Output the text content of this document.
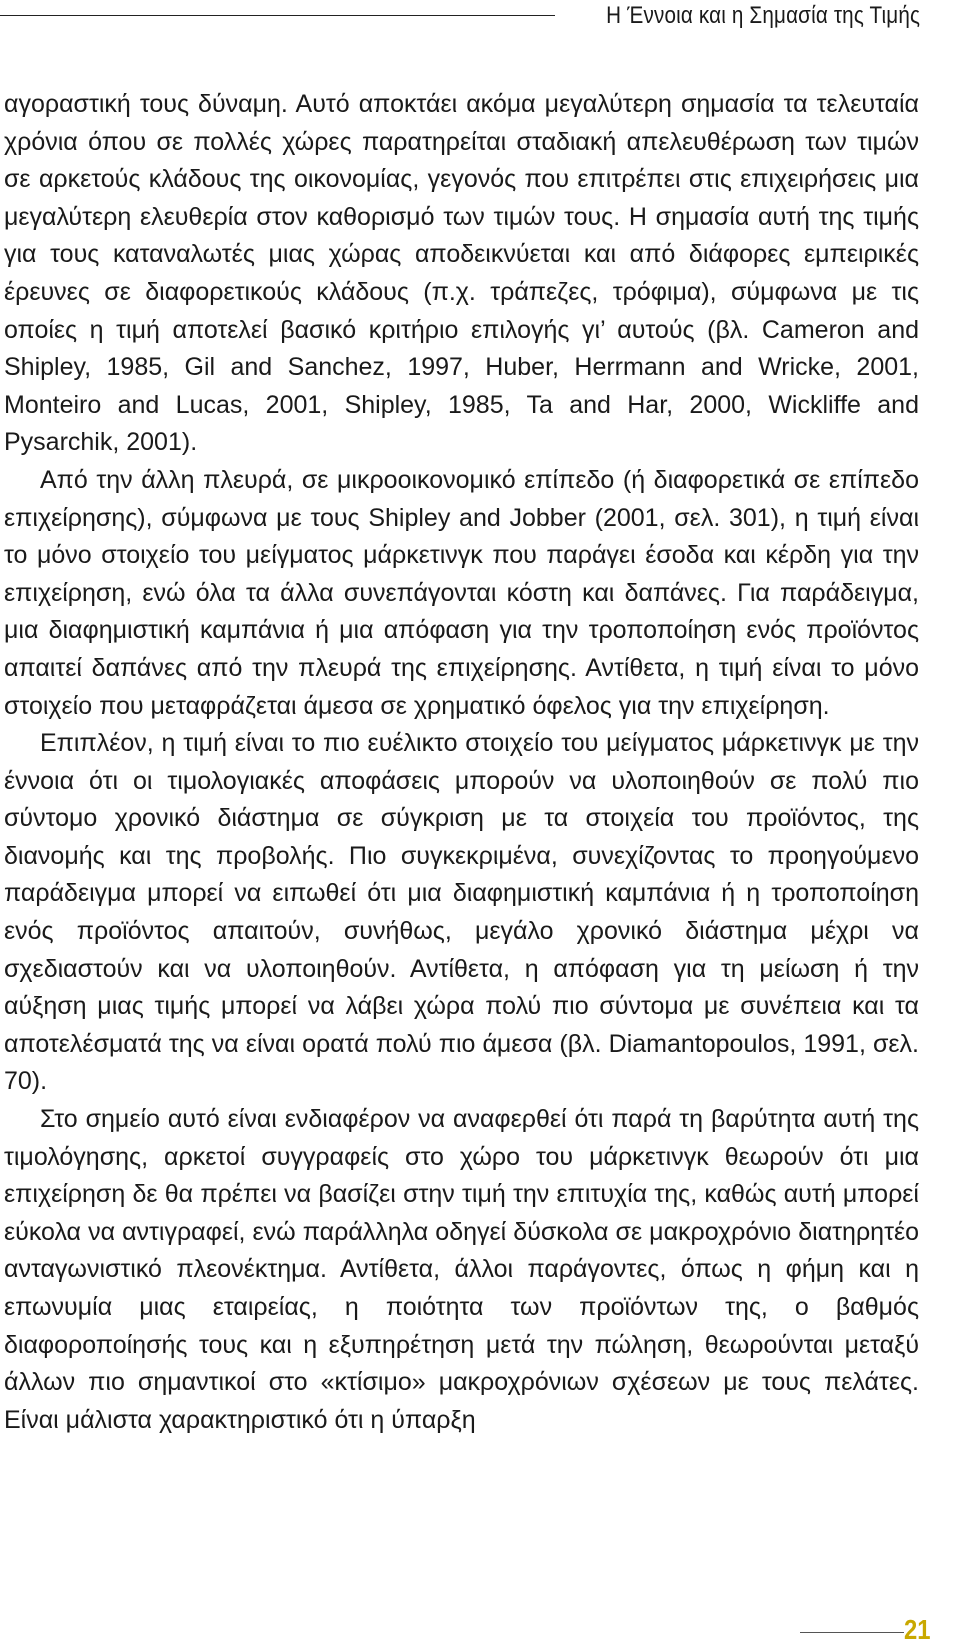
Η Έννοια και η Σημασία της Τιμής

αγοραστική τους δύναμη. Αυτό αποκτάει ακόμα μεγαλύτερη σημασία τα τελευταία χρόνια όπου σε πολλές χώρες παρατηρείται σταδιακή απελευθέρωση των τιμών σε αρκετούς κλάδους της οικονομίας, γεγονός που επιτρέπει στις επιχειρήσεις μια μεγαλύτερη ελευθερία στον καθορισμό των τιμών τους. Η σημασία αυτή της τιμής για τους καταναλωτές μιας χώρας αποδεικνύεται και από διάφορες εμπειρικές έρευνες σε διαφορετικούς κλάδους (π.χ. τράπεζες, τρόφιμα), σύμφωνα με τις οποίες η τιμή αποτελεί βασικό κριτήριο επιλογής γι’ αυτούς (βλ. Cameron and Shipley, 1985, Gil and Sanchez, 1997, Huber, Herrmann and Wricke, 2001, Monteiro and Lucas, 2001, Shipley, 1985, Ta and Har, 2000, Wickliffe and Pysarchik, 2001).

Από την άλλη πλευρά, σε μικροοικονομικό επίπεδο (ή διαφορετικά σε επίπεδο επιχείρησης), σύμφωνα με τους Shipley and Jobber (2001, σελ. 301), η τιμή είναι το μόνο στοιχείο του μείγματος μάρκετινγκ που παράγει έσοδα και κέρδη για την επιχείρηση, ενώ όλα τα άλλα συνεπάγονται κόστη και δαπάνες. Για παράδειγμα, μια διαφημιστική καμπάνια ή μια απόφαση για την τροποποίηση ενός προϊόντος απαιτεί δαπάνες από την πλευρά της επιχείρησης. Αντίθετα, η τιμή είναι το μόνο στοιχείο που μεταφράζεται άμεσα σε χρηματικό όφελος για την επιχείρηση.

Επιπλέον, η τιμή είναι το πιο ευέλικτο στοιχείο του μείγματος μάρκετινγκ με την έννοια ότι οι τιμολογιακές αποφάσεις μπορούν να υλοποιηθούν σε πολύ πιο σύντομο χρονικό διάστημα σε σύγκριση με τα στοιχεία του προϊόντος, της διανομής και της προβολής. Πιο συγκεκριμένα, συνεχίζοντας το προηγούμενο παράδειγμα μπορεί να ειπωθεί ότι μια διαφημιστική καμπάνια ή η τροποποίηση ενός προϊόντος απαιτούν, συνήθως, μεγάλο χρονικό διάστημα μέχρι να σχεδιαστούν και να υλοποιηθούν. Αντίθετα, η απόφαση για τη μείωση ή την αύξηση μιας τιμής μπορεί να λάβει χώρα πολύ πιο σύντομα με συνέπεια και τα αποτελέσματά της να είναι ορατά πολύ πιο άμεσα (βλ. Diamantopoulos, 1991, σελ. 70).

Στο σημείο αυτό είναι ενδιαφέρον να αναφερθεί ότι παρά τη βαρύτητα αυτή της τιμολόγησης, αρκετοί συγγραφείς στο χώρο του μάρκετινγκ θεωρούν ότι μια επιχείρηση δε θα πρέπει να βασίζει στην τιμή την επιτυχία της, καθώς αυτή μπορεί εύκολα να αντιγραφεί, ενώ παράλληλα οδηγεί δύσκολα σε μακροχρόνιο διατηρητέο ανταγωνιστικό πλεονέκτημα. Αντίθετα, άλλοι παράγοντες, όπως η φήμη και η επωνυμία μιας εταιρείας, η ποιότητα των προϊόντων της, ο βαθμός διαφοροποίησής τους και η εξυπηρέτηση μετά την πώληση, θεωρούνται μεταξύ άλλων πιο σημαντικοί στο «κτίσιμο» μακροχρόνιων σχέσεων με τους πελάτες. Είναι μάλιστα χαρακτηριστικό ότι η ύπαρξη

21
